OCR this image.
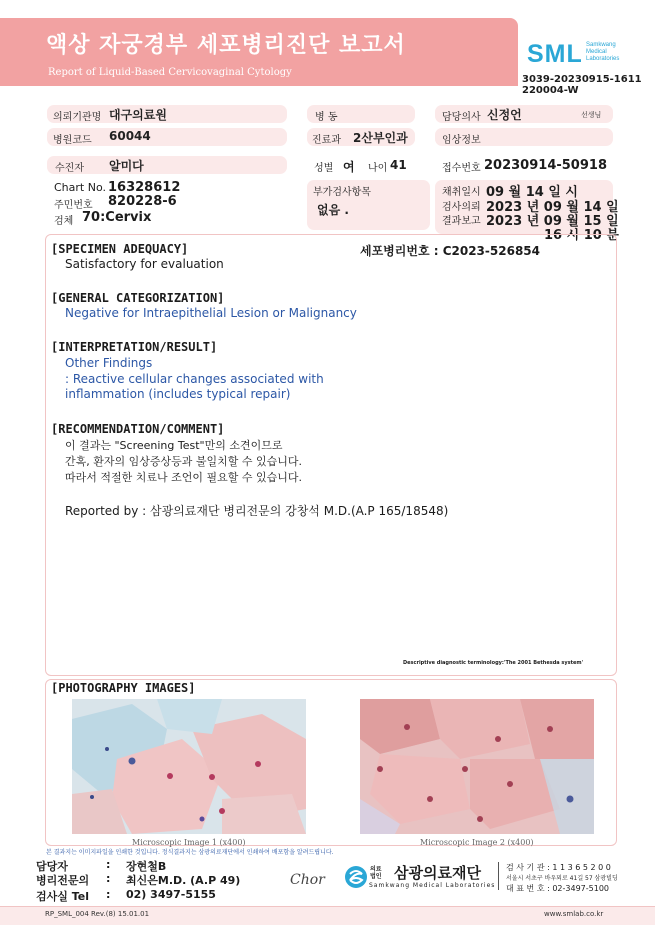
액상 자궁경부 세포병리진단 보고서
Report of Liquid-Based Cervicovaginal Cytology
SML Samkwang
Medical
Laboratories
3039-20230915-1611
220004-W
의뢰기관명 대구의료원	병 동	담당의사 신정언	선생님
병원코드 60044	진료과 2산부인과	임상정보
수진자 알미다	성별 여 나이 41	접수번호 20230914-50918
Chart No. 16328612
주민번호 820228-6
검체 70:Cervix
부가검사항목
없음 .
채취일시 09 월 14 일 시
검사의뢰 2023 년 09 월 14 일
결과보고 2023 년 09 월 15 일
16 시 10 분
[SPECIMEN ADEQUACY]	세포병리번호 : C2023-526854
Satisfactory for evaluation
[GENERAL CATEGORIZATION]
Negative for Intraepithelial Lesion or Malignancy
[INTERPRETATION/RESULT]
Other Findings
: Reactive cellular changes associated with
inflammation (includes typical repair)
[RECOMMENDATION/COMMENT]
이 결과는 "Screening Test"만의 소견이므로
간혹, 환자의 임상증상등과 불일치할 수 있습니다.
따라서 적절한 치료나 조언이 필요할 수 있습니다.
Reported by : 삼광의료재단 병리전문의 강창석 M.D.(A.P 165/18548)
Descriptive diagnostic terminology:'The 2001 Bethesda system'
[PHOTOGRAPHY IMAGES]
Microscopic Image 1 (x400)	Microscopic Image 2 (x400)
본 결과지는 이미지파일을 인쇄한 것입니다. 정식결과지는 삼광의료재단에서 인쇄하여 배포함을 알려드립니다.
담당자	: 장현철B
병리전문의 : 최신은M.D. (A.P 49)
검사실 Tel : 02) 3497-5155
Chor
의료
법인 삼광의료재단
Samkwang Medical Laboratories
검 사 기 관 : 1 1 3 6 5 2 0 0
서울시 서초구 바우뫼로 41길 57 삼광빌딩
대 표 번 호 : 02-3497-5100
RP_SML_004 Rev.(8) 15.01.01	www.smlab.co.kr
